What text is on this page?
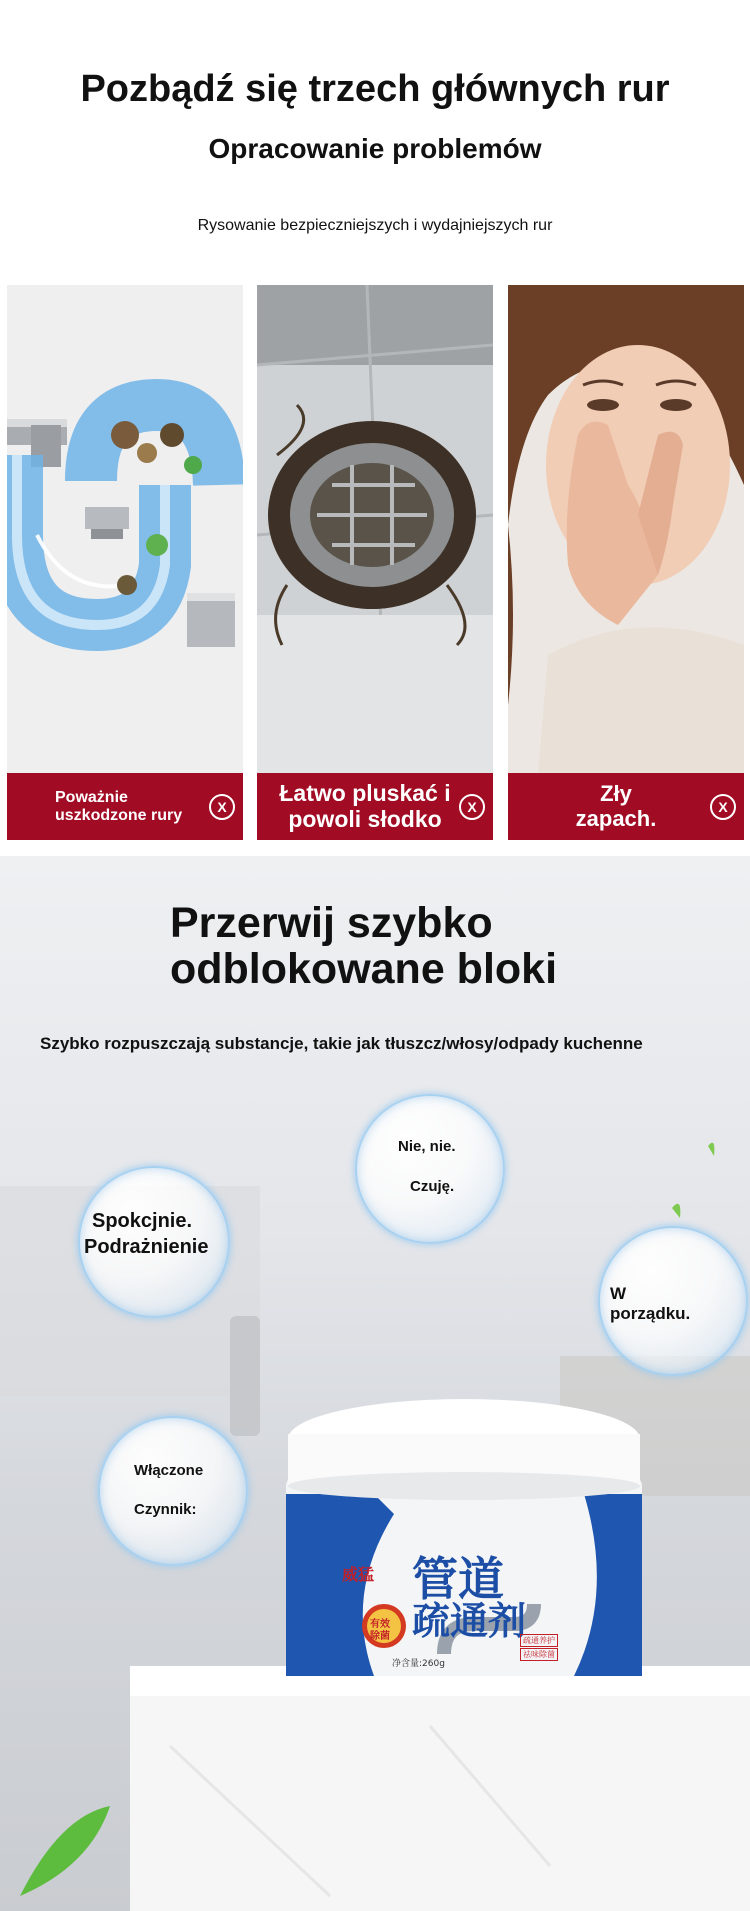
Pozbądź się trzech głównych rur
Opracowanie problemów
Rysowanie bezpieczniejszych i wydajniejszych rur
Poważnie
uszkodzone rury	X
Łatwo pluskać i
powoli słodko	X
Zły
zapach.	X
Przerwij szybko
odblokowane bloki
Szybko rozpuszczają substancje, takie jak tłuszcz/włosy/odpady kuchenne
Nie, nie.
Czuję.
Spokcjnie.
Podrażnienie
W
porządku.
Włączone
Czynnik:
威猛 管道
疏通剂
有效
除菌
净含量:260g
疏通养护
祛味除菌
